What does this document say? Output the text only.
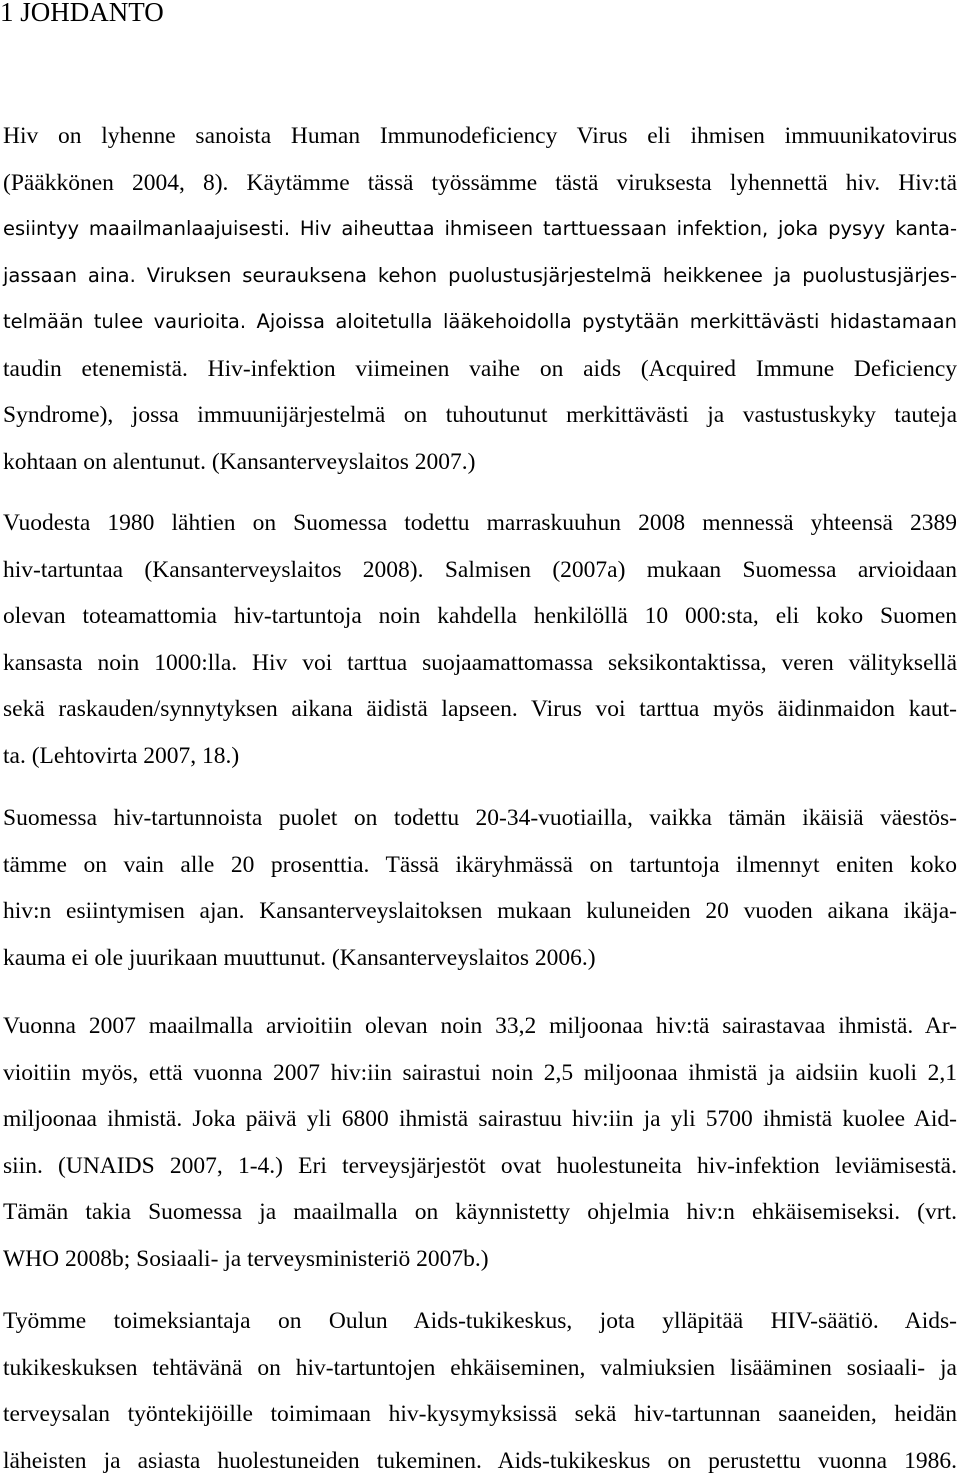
1 JOHDANTO
Hiv on lyhenne sanoista Human Immunodeficiency Virus eli ihmisen immuunikatovirus
(Pääkkönen 2004, 8). Käytämme tässä työssämme tästä viruksesta lyhennettä hiv. Hiv:tä
esiintyy maailmanlaajuisesti. Hiv aiheuttaa ihmiseen tarttuessaan infektion, joka pysyy kanta-
jassaan aina. Viruksen seurauksena kehon puolustusjärjestelmä heikkenee ja puolustusjärjes-
telmään tulee vaurioita. Ajoissa aloitetulla lääkehoidolla pystytään merkittävästi hidastamaan
taudin etenemistä. Hiv-infektion viimeinen vaihe on aids (Acquired Immune Deficiency
Syndrome), jossa immuunijärjestelmä on tuhoutunut merkittävästi ja vastustuskyky tauteja
kohtaan on alentunut. (Kansanterveyslaitos 2007.)
Vuodesta 1980 lähtien on Suomessa todettu marraskuuhun 2008 mennessä yhteensä 2389
hiv-tartuntaa (Kansanterveyslaitos 2008). Salmisen (2007a) mukaan Suomessa arvioidaan
olevan toteamattomia hiv-tartuntoja noin kahdella henkilöllä 10 000:sta, eli koko Suomen
kansasta noin 1000:lla. Hiv voi tarttua suojaamattomassa seksikontaktissa, veren välityksellä
sekä raskauden/synnytyksen aikana äidistä lapseen. Virus voi tarttua myös äidinmaidon kaut-
ta. (Lehtovirta 2007, 18.)
Suomessa hiv-tartunnoista puolet on todettu 20-34-vuotiailla, vaikka tämän ikäisiä väestös-
tämme on vain alle 20 prosenttia. Tässä ikäryhmässä on tartuntoja ilmennyt eniten koko
hiv:n esiintymisen ajan. Kansanterveyslaitoksen mukaan kuluneiden 20 vuoden aikana ikäja-
kauma ei ole juurikaan muuttunut. (Kansanterveyslaitos 2006.)
Vuonna 2007 maailmalla arvioitiin olevan noin 33,2 miljoonaa hiv:tä sairastavaa ihmistä. Ar-
vioitiin myös, että vuonna 2007 hiv:iin sairastui noin 2,5 miljoonaa ihmistä ja aidsiin kuoli 2,1
miljoonaa ihmistä. Joka päivä yli 6800 ihmistä sairastuu hiv:iin ja yli 5700 ihmistä kuolee Aid-
siin. (UNAIDS 2007, 1-4.) Eri terveysjärjestöt ovat huolestuneita hiv-infektion leviämisestä.
Tämän takia Suomessa ja maailmalla on käynnistetty ohjelmia hiv:n ehkäisemiseksi. (vrt.
WHO 2008b; Sosiaali- ja terveysministeriö 2007b.)
Työmme toimeksiantaja on Oulun Aids-tukikeskus, jota ylläpitää HIV-säätiö. Aids-
tukikeskuksen tehtävänä on hiv-tartuntojen ehkäiseminen, valmiuksien lisääminen sosiaali- ja
terveysalan työntekijöille toimimaan hiv-kysymyksissä sekä hiv-tartunnan saaneiden, heidän
läheisten ja asiasta huolestuneiden tukeminen. Aids-tukikeskus on perustettu vuonna 1986.
